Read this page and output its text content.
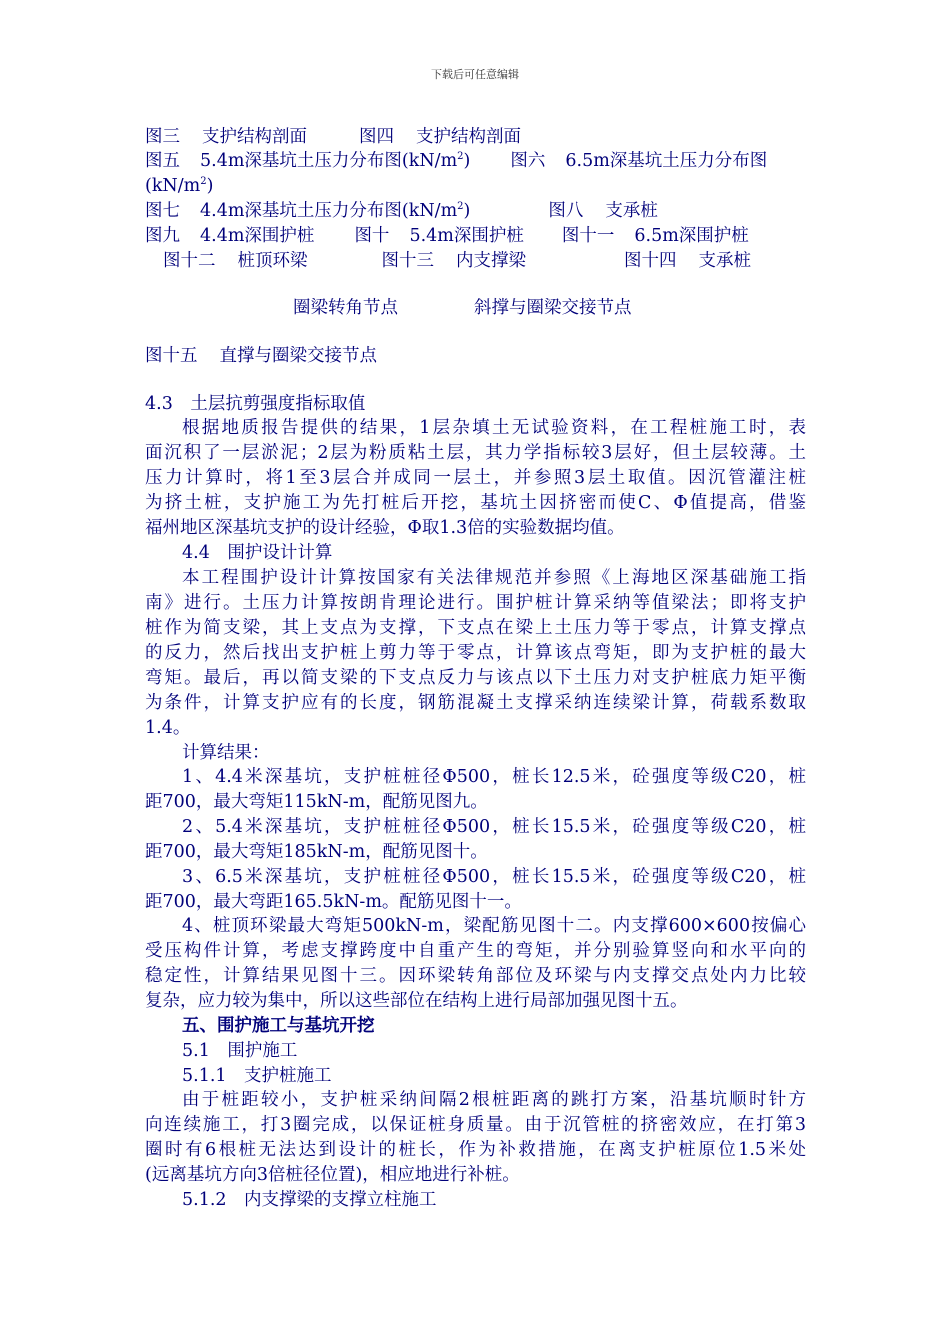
下载后可任意编辑
图三 支护结构剖面	图四 支护结构剖面
图五 5.4m深基坑土压力分布图$(kN/m^2)$ 图六 6.5m深基坑土压力分布图
$(kN/m^2)$
图七 4.4m深基坑土压力分布图$(kN/m^2)$	图八 支承桩
图九 4.4m深围护桩 图十 5.4m深围护桩 图十一 6.5m深围护桩
图十二 桩顶环梁	图十三 内支撑梁	图十四 支承桩
圈梁转角节点	斜撑与圈梁交接节点
图十五 直撑与圈梁交接节点
4.3　土层抗剪强度指标取值
根据地质报告提供的结果，1层杂填土无试验资料，在工程桩施工时，表
面沉积了一层淤泥；2层为粉质粘土层，其力学指标较3层好，但土层较薄。土
压力计算时，将1至3层合并成同一层土，并参照3层土取值。因沉管灌注桩
为挤土桩，支护施工为先打桩后开挖，基坑土因挤密而使C、Φ值提高，借鉴
福州地区深基坑支护的设计经验，Φ取1.3倍的实验数据均值。
4.4　围护设计计算
本工程围护设计计算按国家有关法律规范并参照《上海地区深基础施工指
南》进行。土压力计算按朗肯理论进行。围护桩计算采纳等值梁法；即将支护
桩作为简支梁，其上支点为支撑，下支点在梁上土压力等于零点，计算支撑点
的反力，然后找出支护桩上剪力等于零点，计算该点弯矩，即为支护桩的最大
弯矩。最后，再以简支梁的下支点反力与该点以下土压力对支护桩底力矩平衡
为条件，计算支护应有的长度，钢筋混凝土支撑采纳连续梁计算，荷载系数取
1.4。
计算结果：
1、4.4米深基坑，支护桩桩径Φ500，桩长12.5米，砼强度等级C20，桩
距700，最大弯矩115kN-m，配筋见图九。
2、5.4米深基坑，支护桩桩径Φ500，桩长15.5米，砼强度等级C20，桩
距700，最大弯矩185kN-m，配筋见图十。
3、6.5米深基坑，支护桩桩径Φ500，桩长15.5米，砼强度等级C20，桩
距700，最大弯距165.5kN-m。配筋见图十一。
4、桩顶环梁最大弯矩500kN-m，梁配筋见图十二。内支撑600×600按偏心
受压构件计算，考虑支撑跨度中自重产生的弯矩，并分别验算竖向和水平向的
稳定性，计算结果见图十三。因环梁转角部位及环梁与内支撑交点处内力比较
复杂，应力较为集中，所以这些部位在结构上进行局部加强见图十五。
五、围护施工与基坑开挖
5.1　围护施工
5.1.1　支护桩施工
由于桩距较小，支护桩采纳间隔2根桩距离的跳打方案，沿基坑顺时针方
向连续施工，打3圈完成，以保证桩身质量。由于沉管桩的挤密效应，在打第3
圈时有6根桩无法达到设计的桩长，作为补救措施，在离支护桩原位1.5米处
(远离基坑方向3倍桩径位置)，相应地进行补桩。
5.1.2　内支撑梁的支撑立柱施工
